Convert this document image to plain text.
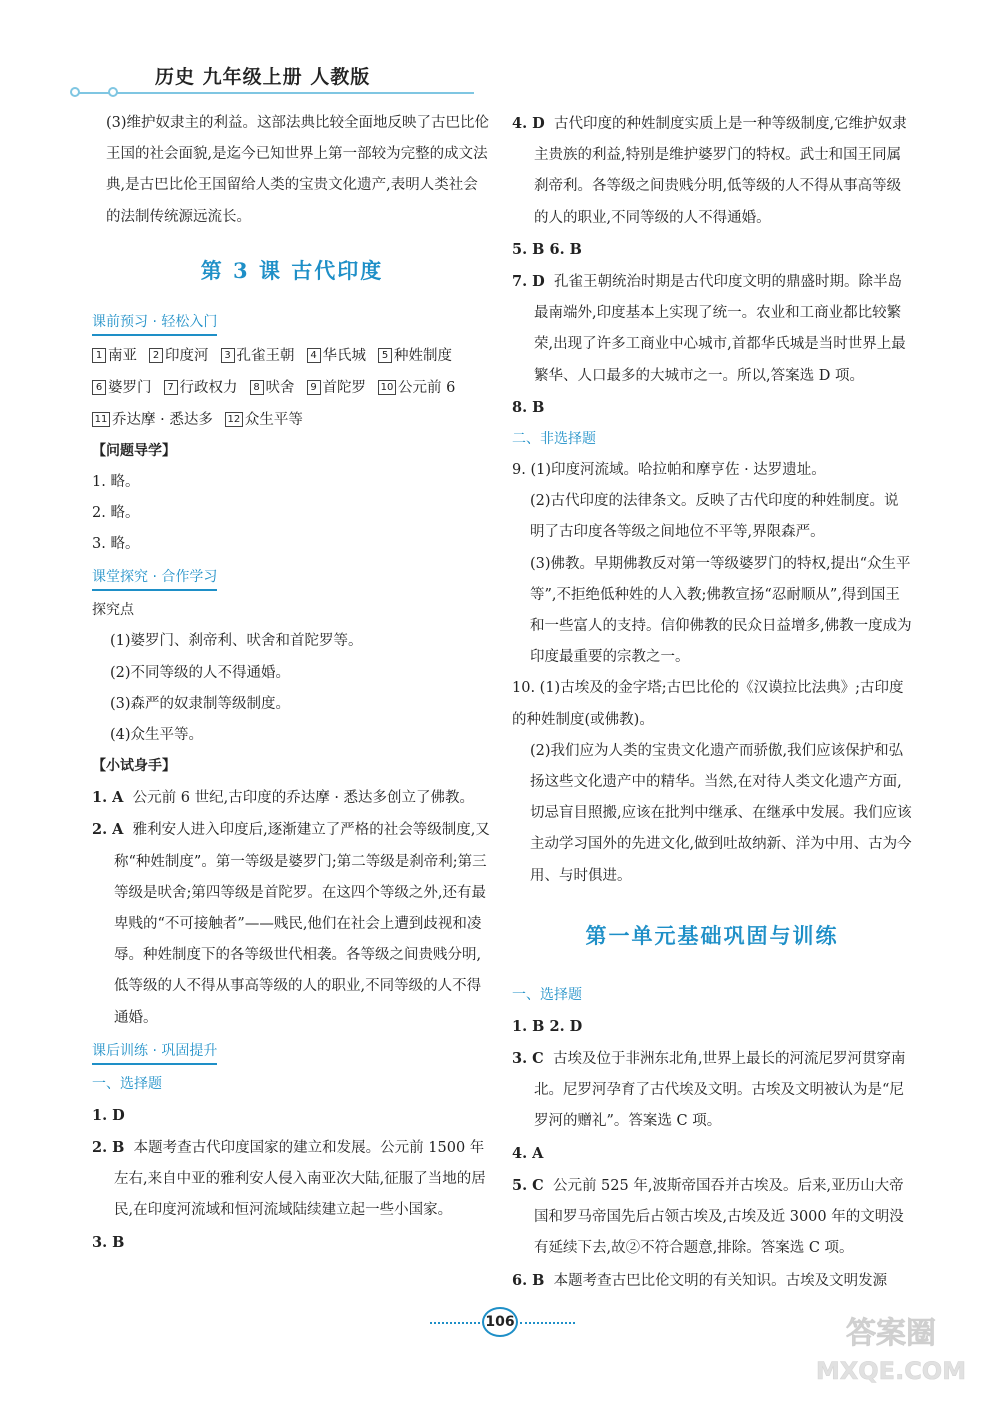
历史 九年级上册 人教版

(3)维护奴隶主的利益。这部法典比较全面地反映了古巴比伦王国的社会面貌,是迄今已知世界上第一部较为完整的成文法典,是古巴比伦王国留给人类的宝贵文化遗产,表明人类社会的法制传统源远流长。

第 3 课 古代印度
课前预习 · 轻松入门
1 南亚	2 印度河	3 孔雀王朝	4 华氏城	5 种姓制度
6 婆罗门	7 行政权力	8 吠舍	9 首陀罗 10 公元前 6
11 乔达摩 · 悉达多 12 众生平等
【问题导学】

1. 略。

2. 略。

3. 略。

课堂探究 · 合作学习
探究点

(1)婆罗门、刹帝利、吠舍和首陀罗等。

(2)不同等级的人不得通婚。

(3)森严的奴隶制等级制度。

(4)众生平等。

【小试身手】

1. A 公元前 6 世纪,古印度的乔达摩 · 悉达多创立了佛教。

2. A 雅利安人进入印度后,逐渐建立了严格的社会等级制度,又称“种姓制度”。第一等级是婆罗门;第二等级是刹帝利;第三等级是吠舍;第四等级是首陀罗。在这四个等级之外,还有最卑贱的“不可接触者”——贱民,他们在社会上遭到歧视和凌辱。种姓制度下的各等级世代相袭。各等级之间贵贱分明,低等级的人不得从事高等级的人的职业,不同等级的人不得通婚。

课后训练 · 巩固提升
一、选择题

1. D

2. B 本题考查古代印度国家的建立和发展。公元前 1500 年左右,来自中亚的雅利安人侵入南亚次大陆,征服了当地的居民,在印度河流域和恒河流域陆续建立起一些小国家。

3. B

4. D 古代印度的种姓制度实质上是一种等级制度,它维护奴隶主贵族的利益,特别是维护婆罗门的特权。武士和国王同属刹帝利。各等级之间贵贱分明,低等级的人不得从事高等级的人的职业,不同等级的人不得通婚。

5. B 6. B

7. D 孔雀王朝统治时期是古代印度文明的鼎盛时期。除半岛最南端外,印度基本上实现了统一。农业和工商业都比较繁荣,出现了许多工商业中心城市,首都华氏城是当时世界上最繁华、人口最多的大城市之一。所以,答案选 D 项。

8. B

二、非选择题

9. (1)印度河流域。哈拉帕和摩亨佐 · 达罗遗址。

(2)古代印度的法律条文。反映了古代印度的种姓制度。说明了古印度各等级之间地位不平等,界限森严。

(3)佛教。早期佛教反对第一等级婆罗门的特权,提出“众生平等”,不拒绝低种姓的人入教;佛教宣扬“忍耐顺从”,得到国王和一些富人的支持。信仰佛教的民众日益增多,佛教一度成为印度最重要的宗教之一。

10. (1)古埃及的金字塔;古巴比伦的《汉谟拉比法典》;古印度的种姓制度(或佛教)。

(2)我们应为人类的宝贵文化遗产而骄傲,我们应该保护和弘扬这些文化遗产中的精华。当然,在对待人类文化遗产方面,切忌盲目照搬,应该在批判中继承、在继承中发展。我们应该主动学习国外的先进文化,做到吐故纳新、洋为中用、古为今用、与时俱进。

第一单元基础巩固与训练
一、选择题

1. B 2. D

3. C 古埃及位于非洲东北角,世界上最长的河流尼罗河贯穿南北。尼罗河孕育了古代埃及文明。古埃及文明被认为是“尼罗河的赠礼”。答案选 C 项。

4. A

5. C 公元前 525 年,波斯帝国吞并古埃及。后来,亚历山大帝国和罗马帝国先后占领古埃及,古埃及近 3000 年的文明没有延续下去,故②不符合题意,排除。答案选 C 项。

6. B 本题考查古巴比伦文明的有关知识。古埃及文明发源

106	答案圈
MXQE.COM
